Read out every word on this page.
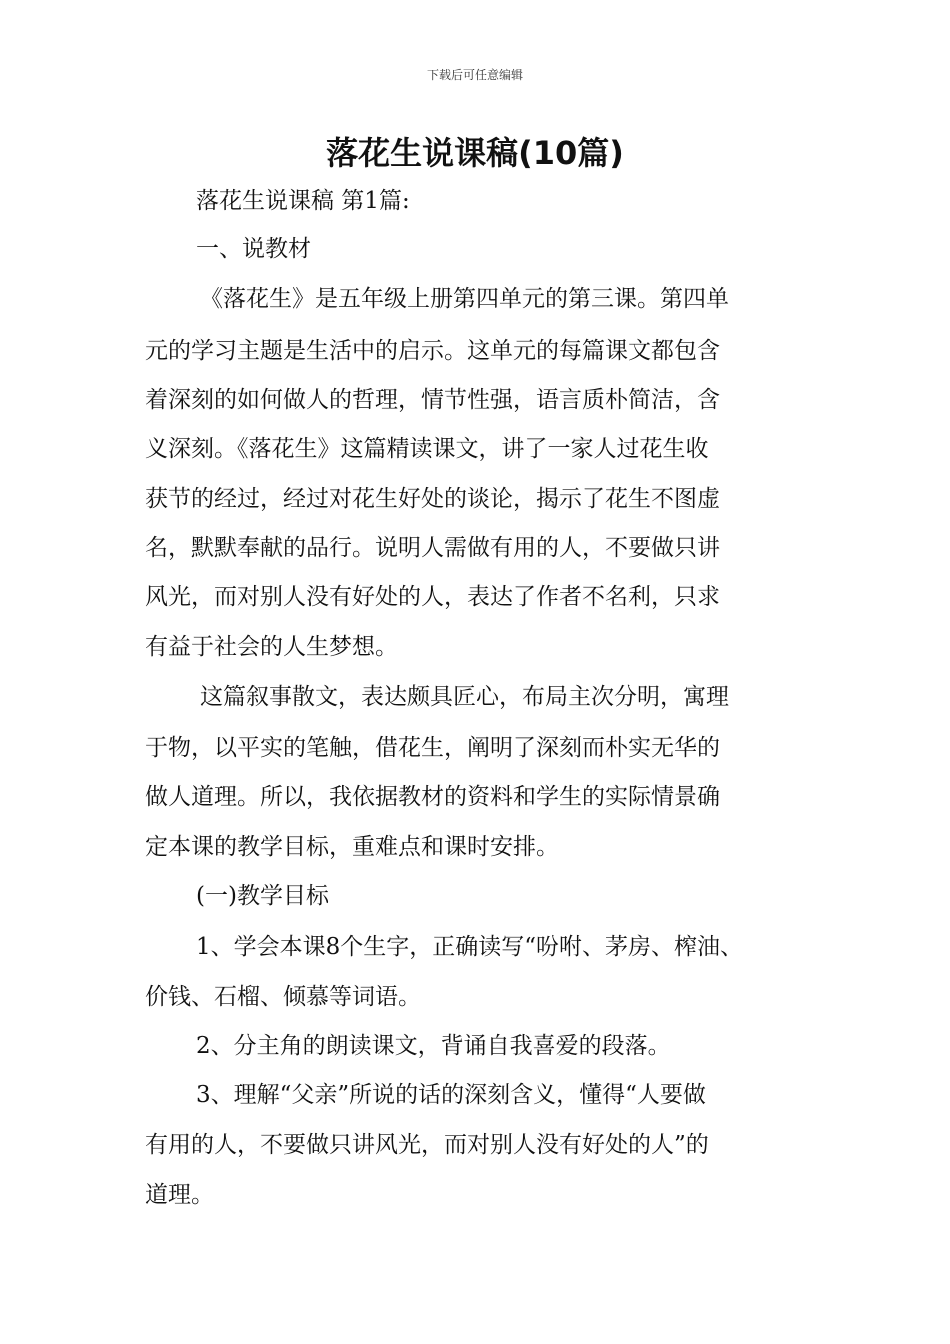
下载后可任意编辑
落花生说课稿(10篇)
落花生说课稿 第1篇:
一、说教材
《落花生》是五年级上册第四单元的第三课。第四单
元的学习主题是生活中的启示。这单元的每篇课文都包含
着深刻的如何做人的哲理，情节性强，语言质朴简洁，含
义深刻。《落花生》这篇精读课文，讲了一家人过花生收
获节的经过，经过对花生好处的谈论，揭示了花生不图虚
名，默默奉献的品行。说明人需做有用的人，不要做只讲
风光，而对别人没有好处的人，表达了作者不名利，只求
有益于社会的人生梦想。
这篇叙事散文，表达颇具匠心，布局主次分明，寓理
于物，以平实的笔触，借花生，阐明了深刻而朴实无华的
做人道理。所以，我依据教材的资料和学生的实际情景确
定本课的教学目标，重难点和课时安排。
(一)教学目标
1、学会本课8个生字，正确读写“吩咐、茅房、榨油、
价钱、石榴、倾慕等词语。
2、分主角的朗读课文，背诵自我喜爱的段落。
3、理解“父亲”所说的话的深刻含义，懂得“人要做
有用的人，不要做只讲风光，而对别人没有好处的人”的
道理。
